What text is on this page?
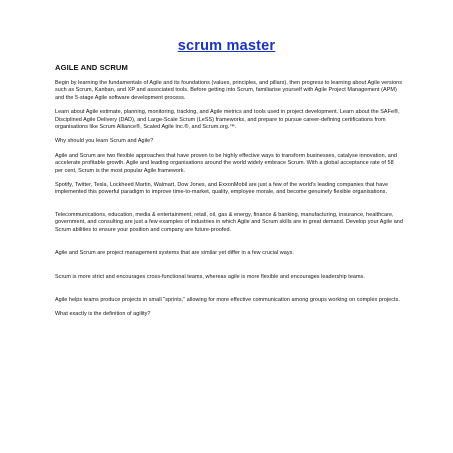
scrum master
AGILE AND SCRUM

Begin by learning the fundamentals of Agile and its foundations (values, principles, and pillars), then progress to learning about Agile versions such as Scrum, Kanban, and XP and associated tools. Before getting into Scrum, familiarise yourself with Agile Project Management (APM) and the 5-stage Agile software development process.

Learn about Agile estimate, planning, monitoring, tracking, and Agile metrics and tools used in project development. Learn about the SAFe®, Disciplined Agile Delivery (DAD), and Large-Scale Scrum (LeSS) frameworks, and prepare to pursue career-defining certifications from organisations like Scrum Alliance®, Scaled Agile Inc.®, and Scrum.org.™.

Why should you learn Scrum and Agile?

Agile and Scrum are two flexible approaches that have proven to be highly effective ways to transform businesses, catalyse innovation, and accelerate profitable growth. Agile and leading organisations around the world widely embrace Scrum. With a global acceptance rate of 58 per cent, Scrum is the most popular Agile framework.

Spotify, Twitter, Tesla, Lockheed Martin, Walmart, Dow Jones, and ExxonMobil are just a few of the world's leading companies that have implemented this powerful paradigm to improve time-to-market, quality, employee morale, and become genuinely flexible organisations.

Telecommunications, education, media & entertainment, retail, oil, gas & energy, finance & banking, manufacturing, insurance, healthcare, government, and consulting are just a few examples of industries in which Agile and Scrum skills are in great demand. Develop your Agile and Scrum abilities to ensure your position and company are future-proofed.

Agile and Scrum are project management systems that are similar yet differ in a few crucial ways.

Scrum is more strict and encourages cross-functional teams, whereas agile is more flexible and encourages leadership teams.

Agile helps teams produce projects in small "sprints," allowing for more effective communication among groups working on complex projects.

What exactly is the definition of agility?
